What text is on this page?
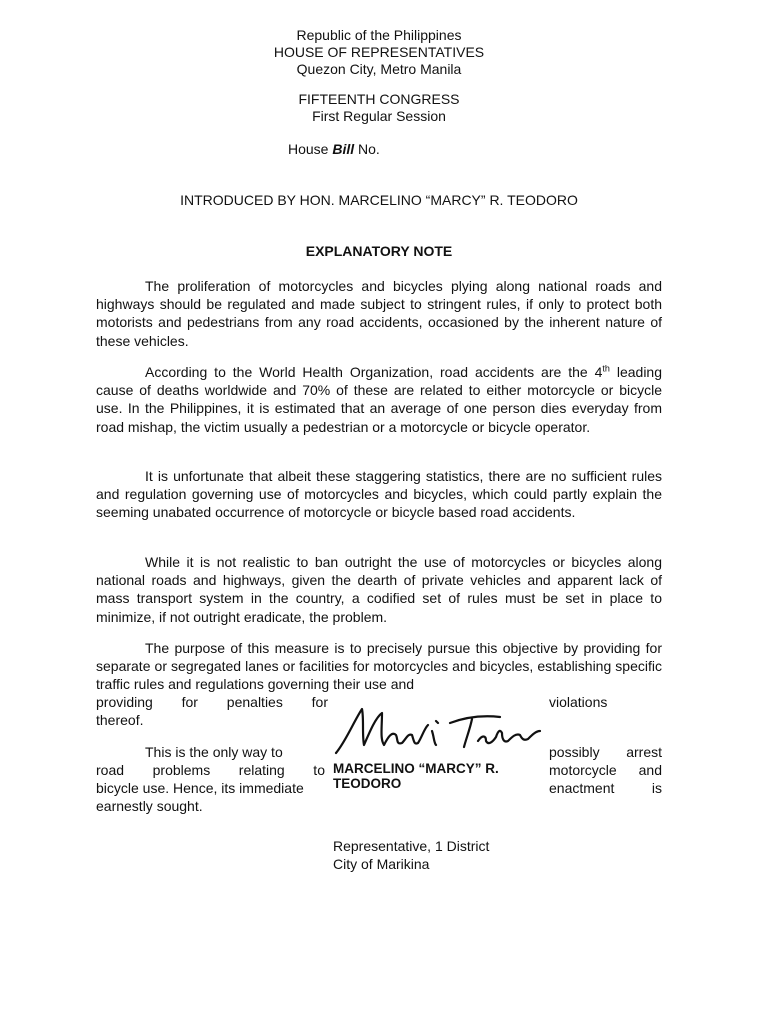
Republic of the Philippines
HOUSE OF REPRESENTATIVES
Quezon City, Metro Manila
FIFTEENTH CONGRESS
First Regular Session
House Bill No.
INTRODUCED BY HON. MARCELINO “MARCY” R. TEODORO
EXPLANATORY NOTE

The proliferation of motorcycles and bicycles plying along national roads and highways should be regulated and made subject to stringent rules, if only to protect both motorists and pedestrians from any road accidents, occasioned by the inherent nature of these vehicles.

According to the World Health Organization, road accidents are the 4th leading cause of deaths worldwide and 70% of these are related to either motorcycle or bicycle use. In the Philippines, it is estimated that an average of one person dies everyday from road mishap, the victim usually a pedestrian or a motorcycle or bicycle operator.

It is unfortunate that albeit these staggering statistics, there are no sufficient rules and regulation governing use of motorcycles and bicycles, which could partly explain the seeming unabated occurrence of motorcycle or bicycle based road accidents.

While it is not realistic to ban outright the use of motorcycles or bicycles along national roads and highways, given the dearth of private vehicles and apparent lack of mass transport system in the country, a codified set of rules must be set in place to minimize, if not outright eradicate, the problem.

The purpose of this measure is to precisely pursue this objective by providing for separate or segregated lanes or facilities for motorcycles and bicycles, establishing specific traffic rules and regulations governing their use and

providing for penalties for	violations
thereof.
This is the only way to	possibly arrest
road problems relating to	motorcycle and
bicycle use. Hence, its immediate	enactment is
earnestly sought.
MARCELINO “MARCY” R.
TEODORO
Representative, 1 District
City of Marikina
